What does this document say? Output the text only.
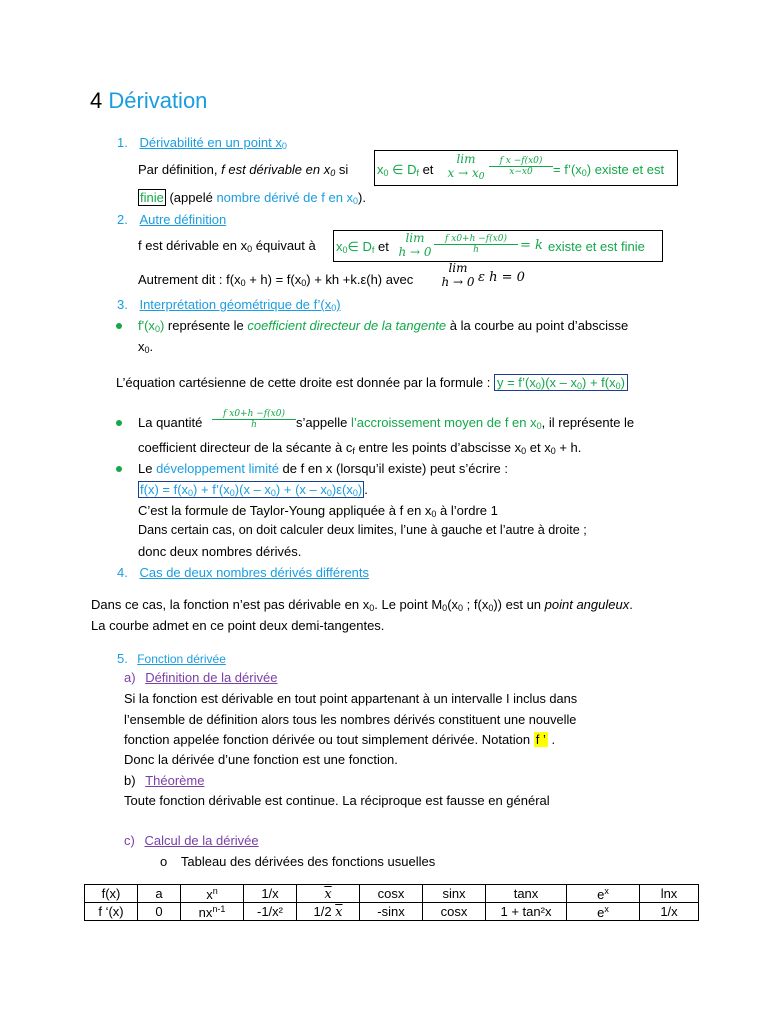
4 Dérivation
1. Dérivabilité en un point $x_0$
Par définition, f est dérivable en $x_0$ si $x_0$ ∈ $D_f$ et
lim
$x \to x_0 \frac{\text{f x −f(x0)}}{x-x0}$ = $f’(x_0)$ existe et est
finie (appelé nombre dérivé de f en $x_0$).
2. Autre définition
f est dérivable en $x_0$ équivaut à $x_0\in$ $D_f$ et
lim
$h \to 0 \frac{\text{f x0+h −f(x0)}}{h} = k$ existe et est finie
Autrement dit : $f(x_0 + h) = f(x_0)$ + kh +k.ε(h) avec
lim
h → 0 ε h = 0
3. Interprétation géométrique de $f’(x_0)$
$f'(x_0)$ représente le coefficient directeur de la tangente à la courbe au point d’abscisse
$x_0$.
L’équation cartésienne de cette droite est donnée par la formule : $y = f’(x_0)(x - x_0) + f(x_0)$
La quantité $\frac{\text{f x0+h −f(x0)}}{h}$ s’appelle l’accroissement moyen de f en $x_0$, il représente le
coefficient directeur de la sécante à $c_f$ entre les points d’abscisse $x_0$ et $x_0 + h$.
Le développement limité de f en x (lorsqu’il existe) peut s’écrire :
$f(x) = f(x_0)$ + $f’(x_0)(x - x_0) + (x - x_0)\varepsilon(x_0)$ .
C’est la formule de Taylor-Young appliquée à f en $x_0$ à l’ordre 1
Dans certain cas, on doit calculer deux limites, l’une à gauche et l’autre à droite ;
donc deux nombres dérivés.
4. Cas de deux nombres dérivés différents
Dans ce cas, la fonction n’est pas dérivable en $x_0$. Le point $M_0(x_0$ ; $f(x_0)$) est un point anguleux.
La courbe admet en ce point deux demi-tangentes.
5. Fonction dérivée
a) Définition de la dérivée
Si la fonction est dérivable en tout point appartenant à un intervalle I inclus dans
l’ensemble de définition alors tous les nombres dérivés constituent une nouvelle
fonction appelée fonction dérivée ou tout simplement dérivée. Notation f ’ .
Donc la dérivée d’une fonction est une fonction.
b) Théorème
Toute fonction dérivable est continue. La réciproque est fausse en général
c) Calcul de la dérivée
o Tableau des dérivées des fonctions usuelles
f(x)	a	$x^n$	1/x	$\overline{x}$	cosx	sinx	tanx	$e^x$	lnx
f ‘(x)	0	$nx^{n-1}$	-1/x²	1/2 $\overline{x}$	-sinx	cosx	1 + tan²x	$e^x$	1/x
